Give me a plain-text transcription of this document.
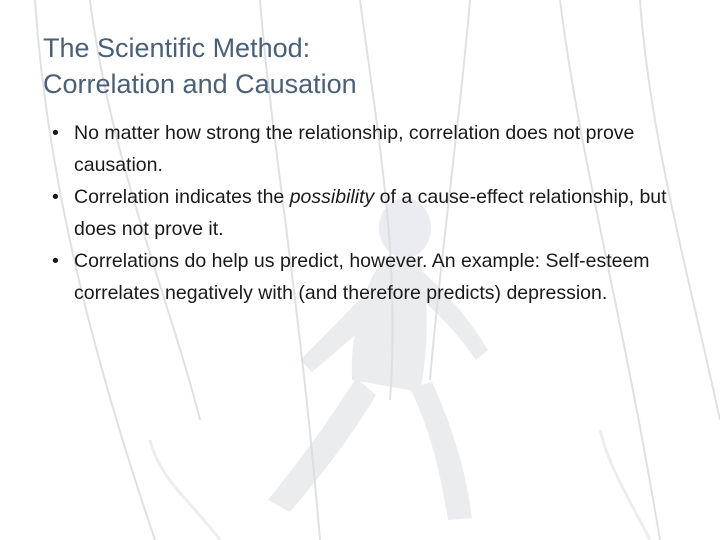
The Scientific Method:
Correlation and Causation
• No matter how strong the relationship, correlation does not prove causation.
• Correlation indicates the possibility of a cause-effect relationship, but does not prove it.
• Correlations do help us predict, however. An example: Self-esteem correlates negatively with (and therefore predicts) depression.
